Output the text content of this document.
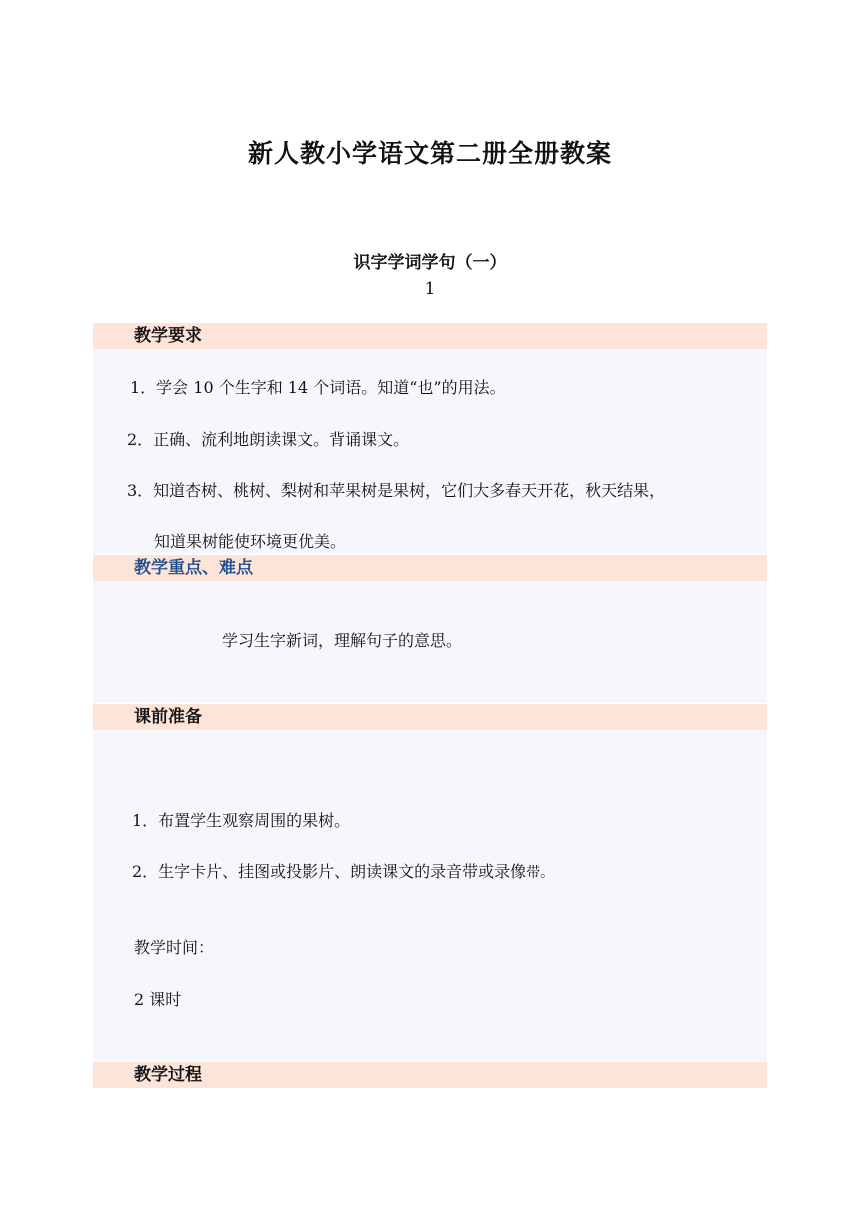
新人教小学语文第二册全册教案
识字学词学句（一）
1
教学要求
1．学会 10 个生字和 14 个词语。知道“也”的用法。
2．正确、流利地朗读课文。背诵课文。
3．知道杏树、桃树、梨树和苹果树是果树，它们大多春天开花，秋天结果，
知道果树能使环境更优美。
教学重点、难点
学习生字新词，理解句子的意思。
课前准备
1．布置学生观察周围的果树。
2．生字卡片、挂图或投影片、朗读课文的录音带或录像带。
教学时间：
2 课时
教学过程
